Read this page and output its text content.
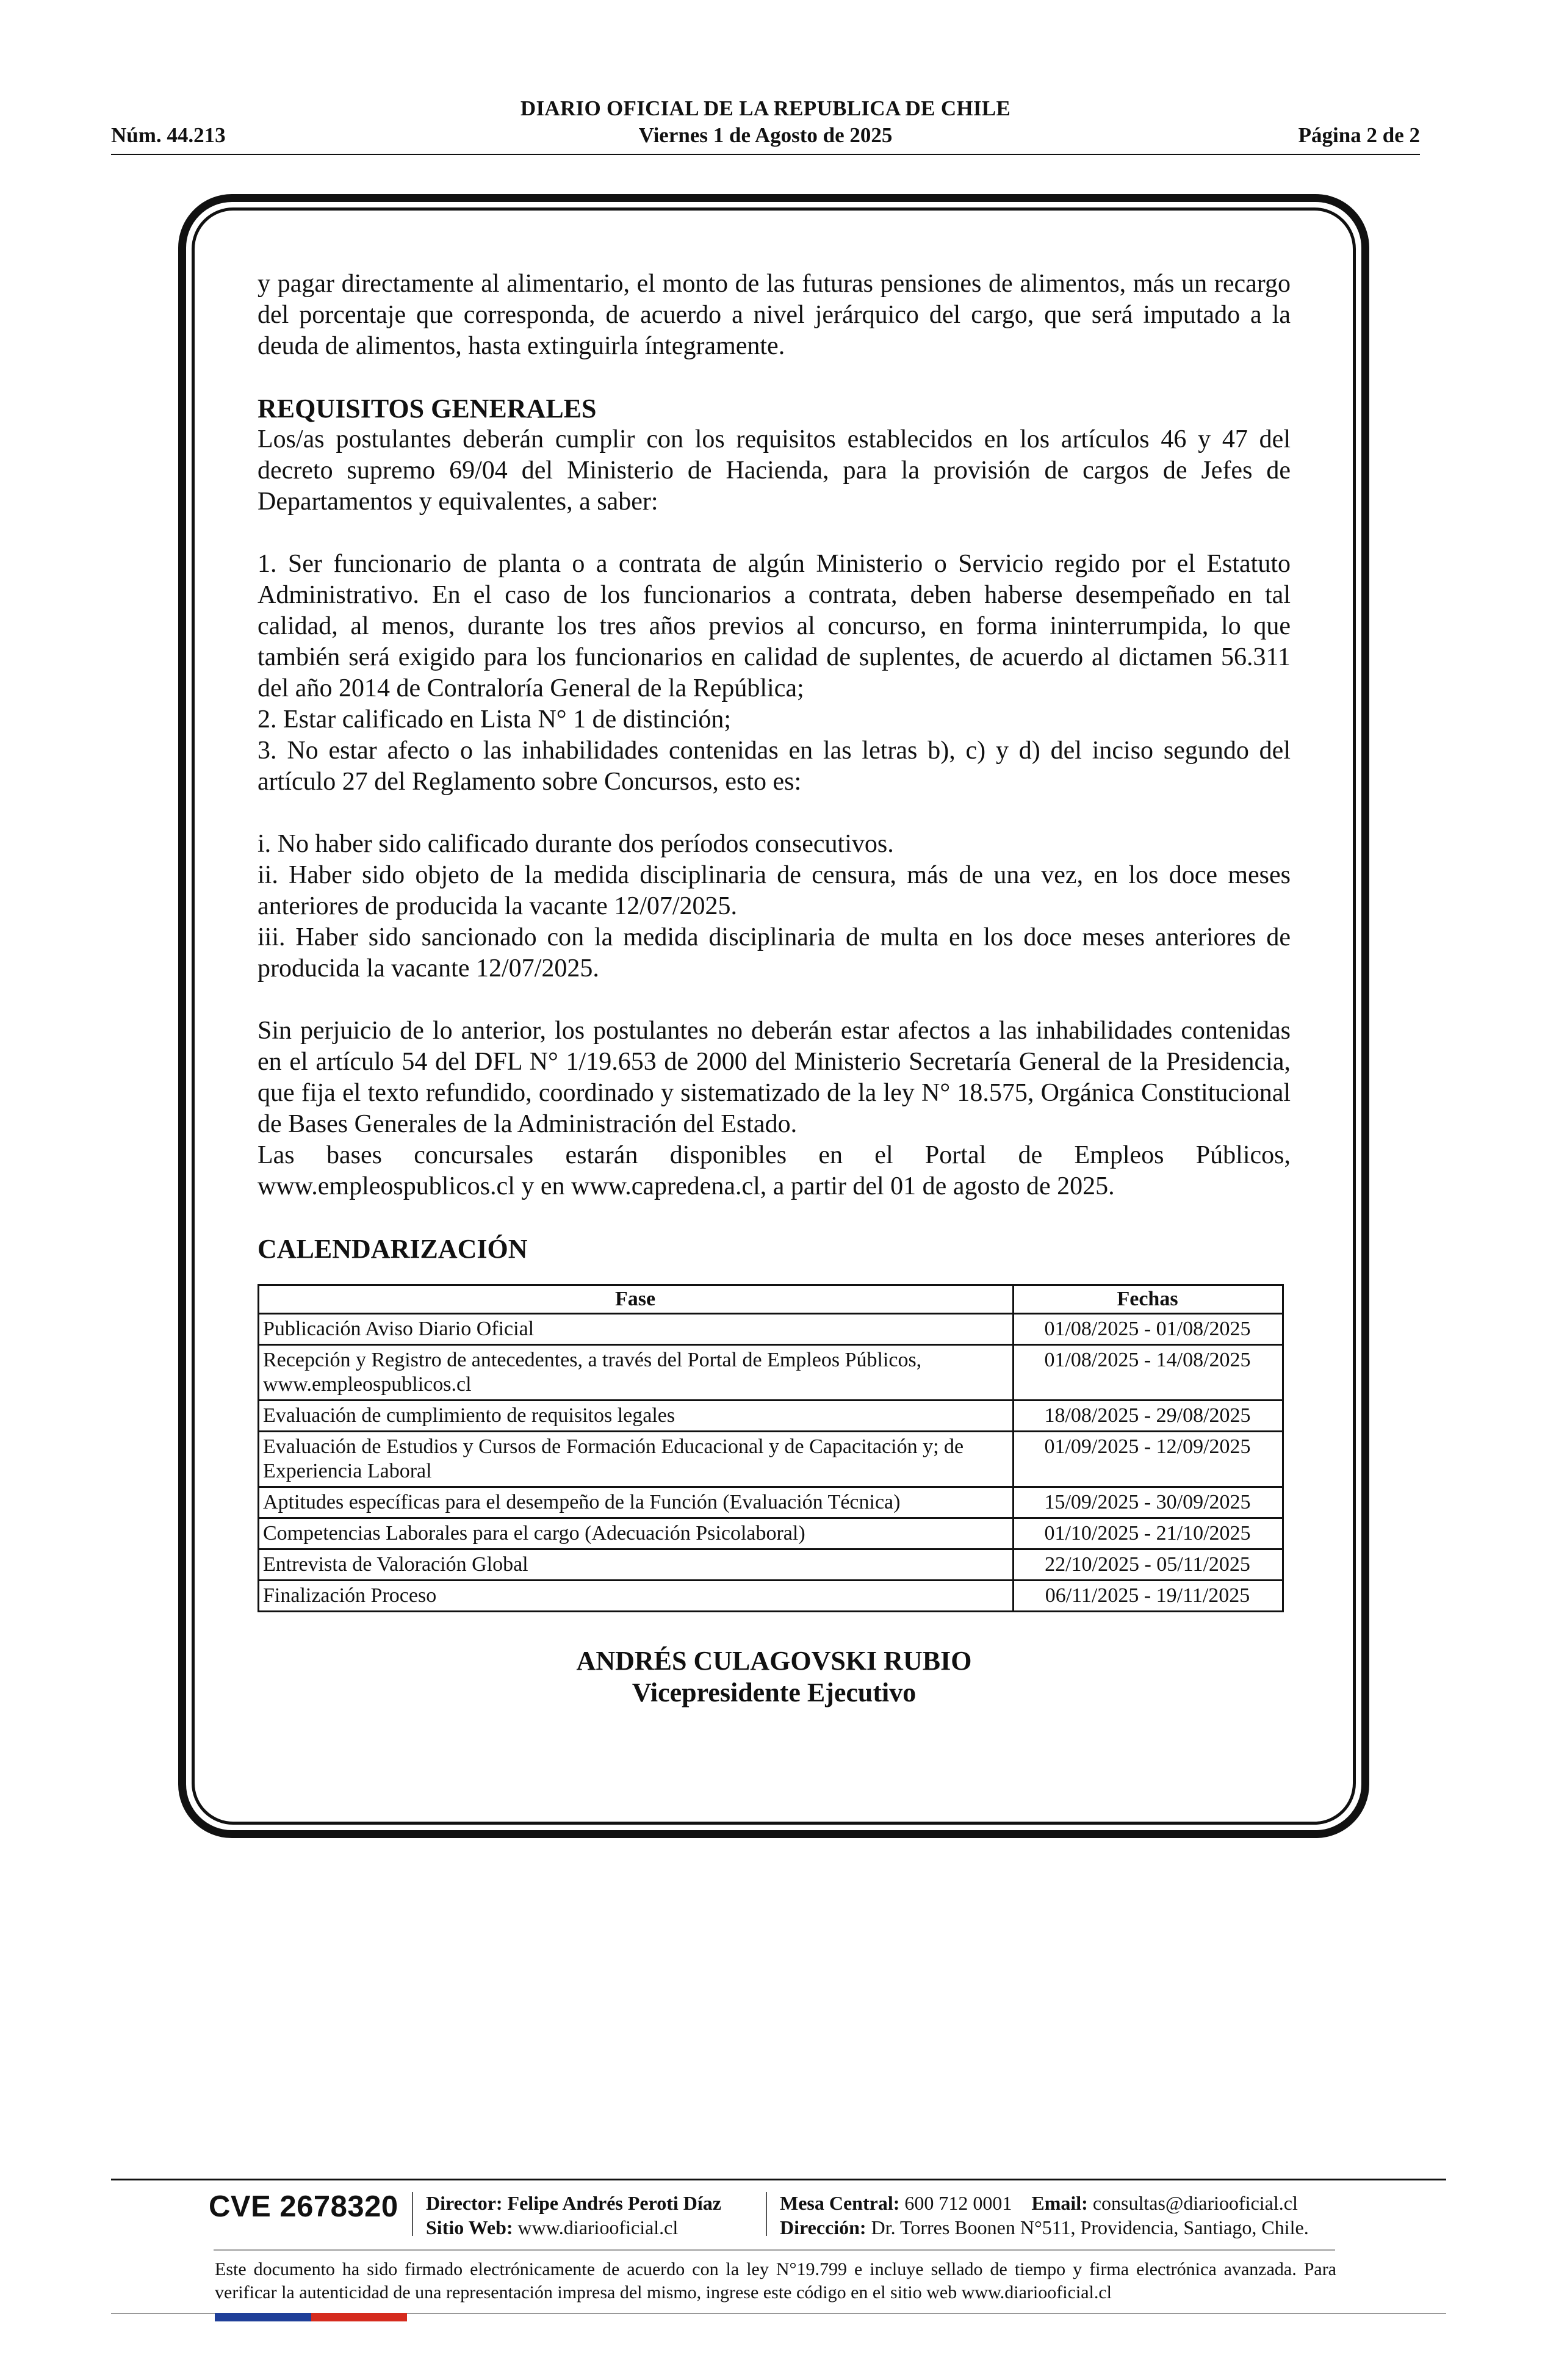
DIARIO OFICIAL DE LA REPUBLICA DE CHILE
Núm. 44.213	Viernes 1 de Agosto de 2025	Página 2 de 2

y pagar directamente al alimentario, el monto de las futuras pensiones de alimentos, más un recargo del porcentaje que corresponda, de acuerdo a nivel jerárquico del cargo, que será imputado a la deuda de alimentos, hasta extinguirla íntegramente.

REQUISITOS GENERALES

Los/as postulantes deberán cumplir con los requisitos establecidos en los artículos 46 y 47 del decreto supremo 69/04 del Ministerio de Hacienda, para la provisión de cargos de Jefes de Departamentos y equivalentes, a saber:

1. Ser funcionario de planta o a contrata de algún Ministerio o Servicio regido por el Estatuto Administrativo. En el caso de los funcionarios a contrata, deben haberse desempeñado en tal calidad, al menos, durante los tres años previos al concurso, en forma ininterrumpida, lo que también será exigido para los funcionarios en calidad de suplentes, de acuerdo al dictamen 56.311 del año 2014 de Contraloría General de la República;

2. Estar calificado en Lista N° 1 de distinción;

3. No estar afecto o las inhabilidades contenidas en las letras b), c) y d) del inciso segundo del artículo 27 del Reglamento sobre Concursos, esto es:

i. No haber sido calificado durante dos períodos consecutivos.

ii. Haber sido objeto de la medida disciplinaria de censura, más de una vez, en los doce meses anteriores de producida la vacante 12/07/2025.

iii. Haber sido sancionado con la medida disciplinaria de multa en los doce meses anteriores de producida la vacante 12/07/2025.

Sin perjuicio de lo anterior, los postulantes no deberán estar afectos a las inhabilidades contenidas en el artículo 54 del DFL N° 1/19.653 de 2000 del Ministerio Secretaría General de la Presidencia, que fija el texto refundido, coordinado y sistematizado de la ley N° 18.575, Orgánica Constitucional de Bases Generales de la Administración del Estado.

Las bases concursales estarán disponibles en el Portal de Empleos Públicos, www.empleospublicos.cl y en www.capredena.cl, a partir del 01 de agosto de 2025.

CALENDARIZACIÓN

Fase	Fechas
Publicación Aviso Diario Oficial	01/08/2025 - 01/08/2025
Recepción y Registro de antecedentes, a través del Portal de Empleos Públicos, www.empleospublicos.cl	01/08/2025 - 14/08/2025
Evaluación de cumplimiento de requisitos legales	18/08/2025 - 29/08/2025
Evaluación de Estudios y Cursos de Formación Educacional y de Capacitación y; de Experiencia Laboral	01/09/2025 - 12/09/2025
Aptitudes específicas para el desempeño de la Función (Evaluación Técnica)	15/09/2025 - 30/09/2025
Competencias Laborales para el cargo (Adecuación Psicolaboral)	01/10/2025 - 21/10/2025
Entrevista de Valoración Global	22/10/2025 - 05/11/2025
Finalización Proceso	06/11/2025 - 19/11/2025
ANDRÉS CULAGOVSKI RUBIO
Vicepresidente Ejecutivo
CVE 2678320 Director: Felipe Andrés Peroti Díaz
Sitio Web: www.diariooficial.cl
Mesa Central: 600 712 0001 Email: consultas@diariooficial.cl
Dirección: Dr. Torres Boonen N°511, Providencia, Santiago, Chile.
Este documento ha sido firmado electrónicamente de acuerdo con la ley N°19.799 e incluye sellado de tiempo y firma electrónica avanzada. Para verificar la autenticidad de una representación impresa del mismo, ingrese este código en el sitio web www.diariooficial.cl
